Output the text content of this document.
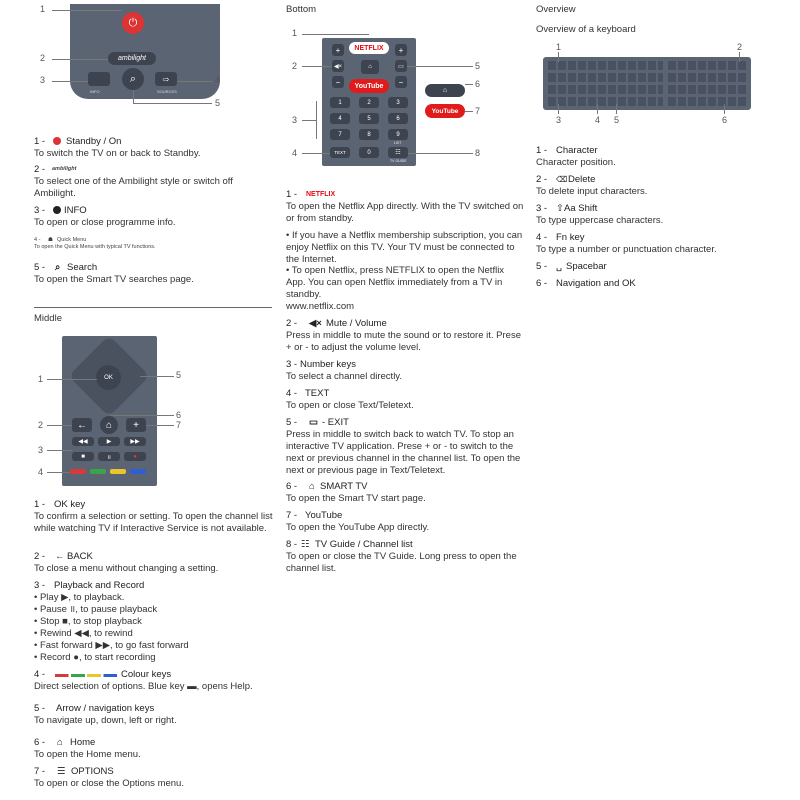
⏻
ambilight
INFO
⌕	⇨
SOURCES
1
2
3	4
5
1 - Standby / On
To switch the TV on or back to Standby.
2 - ambilight
To select one of the Ambilight style or switch off Ambilight.
3 - INFO
To open or close programme info.
4 - ☗ Quick Menu
To open the Quick Menu with typical TV functions.
5 - ⌕ Search
To open the Smart TV searches page.
Middle
OK
← ⌂ +
◀◀	▶	▶▶
■	॥	●
1
2
3
4
5
6
7
1 - OK key
To confirm a selection or setting. To open the channel list while watching TV if Interactive Service is not available.
2 - ← BACK
To close a menu without changing a setting.
3 - Playback and Record
• Play ▶, to playback.
• Pause ॥, to pause playback
• Stop ■, to stop playback
• Rewind ◀◀, to rewind
• Fast forward ▶▶, to go fast forward
• Record ●, to start recording
4 -	Colour keys
Direct selection of options. Blue key ▬, opens Help.
5 - Arrow / navigation keys
To navigate up, down, left or right.
6 - ⌂ Home
To open the Home menu.
7 - ☰ OPTIONS
To open or close the Options menu.
Bottom
NETFLIX
+
◀×
−
⌂
+
▭
−
YouTube
1	2	3
4	5	6
7	8	9
TEXT	0
LIST
☷
TV GUIDE
⌂
YouTube
1
2
3
4
5
6
7
8
1 - NETFLIX
To open the Netflix App directly. With the TV switched on or from standby.
• If you have a Netflix membership subscription, you can enjoy Netflix on this TV. Your TV must be connected to the Internet.
• To open Netflix, press NETFLIX to open the Netflix App. You can open Netflix immediately from a TV in standby.
www.netflix.com
2 - ◀× Mute / Volume
Press in middle to mute the sound or to restore it. Prese + or - to adjust the volume level.
3 - Number keys
To select a channel directly.
4 - TEXT
To open or close Text/Teletext.
5 - ▭ - EXIT
Press in middle to switch back to watch TV. To stop an interactive TV application. Prese + or - to switch to the next or previous channel in the channel list. To open the next or previous page in Text/Teletext.
6 - ⌂ SMART TV
To open the Smart TV start page.
7 - YouTube
To open the YouTube App directly.
8 - ☷ TV Guide / Channel list
To open or close the TV Guide. Long press to open the channel list.
Overview
Overview of a keyboard
1	2
3	4 5	6
1 - Character
Character position.
2 - ⌫ Delete
To delete input characters.
3 - ⇧ Aa Shift
To type uppercase characters.
4 - Fn key
To type a number or punctuation character.
5 - ␣ Spacebar
6 - Navigation and OK
